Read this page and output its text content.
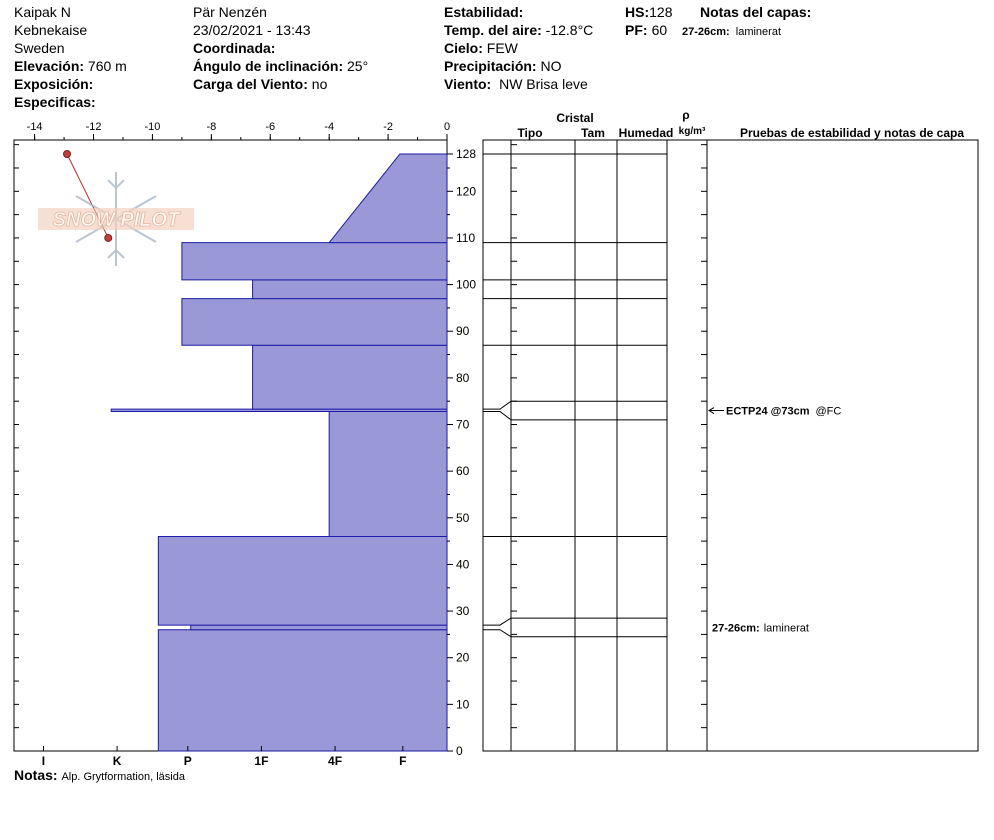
Kaipak N
Kebnekaise
Sweden
Elevación: 760 m
Exposición:
Especificas:
Pär Nenzén
23/02/2021 - 13:43
Coordinada:
Ángulo de inclinación: 25°
Carga del Viento: no
Estabilidad:
Temp. del aire: -12.8°C
Cielo: FEW
Precipitación: NO
Viento: NW Brisa leve
HS:128
PF: 60
Notas del capas:
27-26cm: laminerat
Notas: Alp. Grytformation, läsida
-14	-12	-10	-8	-6	-4	-2	0
I	K	P	1F	4F	F
0
10
20
30
40
50
60
70
80
90
100
110
120
128
SNOW PILOT
Cristal
Tipo	Tam Humedad
ρ
kg/m³	Pruebas de estabilidad y notas de capa
ECTP24 @73cm @FC
27-26cm: laminerat
